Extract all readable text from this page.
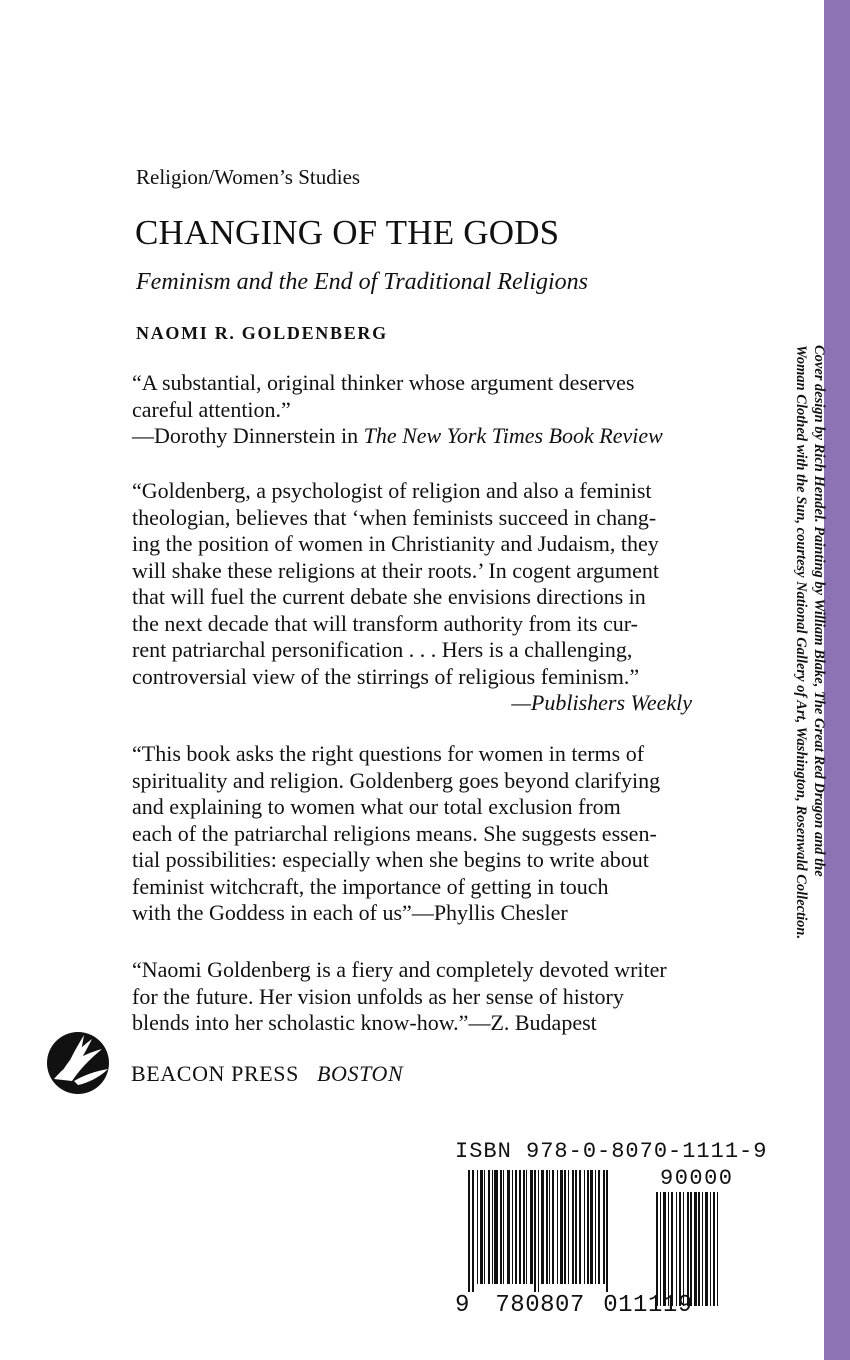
Religion/Women’s Studies
CHANGING OF THE GODS
Feminism and the End of Traditional Religions
NAOMI R. GOLDENBERG
“A substantial, original thinker whose argument deserves
careful attention.”
—Dorothy Dinnerstein in The New York Times Book Review
“Goldenberg, a psychologist of religion and also a feminist
theologian, believes that ‘when feminists succeed in chang-
ing the position of women in Christianity and Judaism, they
will shake these religions at their roots.’ In cogent argument
that will fuel the current debate she envisions directions in
the next decade that will transform authority from its cur-
rent patriarchal personification . . . Hers is a challenging,
controversial view of the stirrings of religious feminism.”
—Publishers Weekly
“This book asks the right questions for women in terms of
spirituality and religion. Goldenberg goes beyond clarifying
and explaining to women what our total exclusion from
each of the patriarchal religions means. She suggests essen-
tial possibilities: especially when she begins to write about
feminist witchcraft, the importance of getting in touch
with the Goddess in each of us”—Phyllis Chesler
“Naomi Goldenberg is a fiery and completely devoted writer
for the future. Her vision unfolds as her sense of history
blends into her scholastic know-how.”—Z. Budapest
BEACON PRESS BOSTON
Cover design by Rich Hendel. Painting by William Blake, The Great Red Dragon and the
Woman Clothed with the Sun, courtesy National Gallery of Art, Washington, Rosenwald Collection.
ISBN 978-0-8070-1111-9
90000
9 780807 011119
